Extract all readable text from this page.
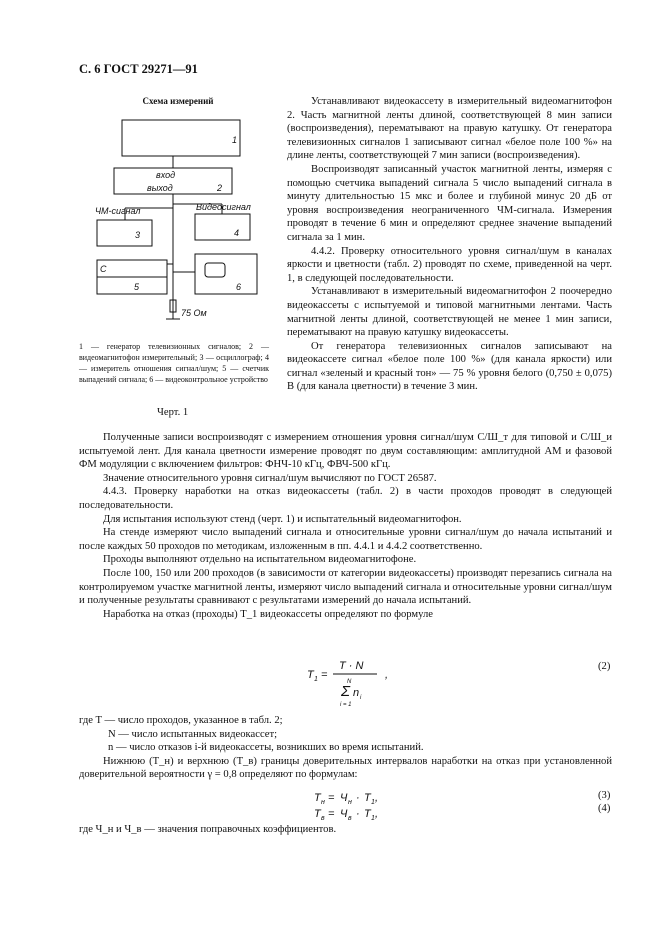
С. 6 ГОСТ 29271—91
Схема измерений
1
вход
выход	2
ЧМ-сигнал	Видеосигнал
3	4
С
5	6
75 Ом
1 — генератор телевизионных сигналов; 2 — видеомагнитофон измерительный; 3 — осциллограф; 4 — измеритель отношения сигнал/шум; 5 — счетчик выпадений сигнала; 6 — видеоконтрольное устройство
Черт. 1

Устанавливают видеокассету в измерительный видеомагнитофон 2. Часть магнитной ленты длиной, соответствующей 8 мин записи (воспроизведения), перематывают на правую катушку. От генератора телевизионных сигналов 1 записывают сигнал «белое поле 100 %» на длине ленты, соответствующей 7 мин записи (воспроизведения).

Воспроизводят записанный участок магнитной ленты, измеряя с помощью счетчика выпадений сигнала 5 число выпадений сигнала в минуту длительностью 15 мкс и более и глубиной минус 20 дБ от уровня воспроизведения неограниченного ЧМ-сигнала. Измерения проводят в течение 6 мин и определяют среднее значение выпадений сигнала за 1 мин.

4.4.2. Проверку относительного уровня сигнал/шум в каналах яркости и цветности (табл. 2) проводят по схеме, приведенной на черт. 1, в следующей последовательности.

Устанавливают в измерительный видеомагнитофон 2 поочередно видеокассеты с испытуемой и типовой магнитными лентами. Часть магнитной ленты длиной, соответствующей не менее 1 мин записи, перематывают на правую катушку видеокассеты.

От генератора телевизионных сигналов записывают на видеокассете сигнал «белое поле 100 %» (для канала яркости) или сигнал «зеленый и красный тон» — 75 % уровня белого (0,750 ± 0,075) В (для канала цветности) в течение 3 мин.

Полученные записи воспроизводят с измерением отношения уровня сигнал/шум С/Ш_т для типовой и С/Ш_и испытуемой лент. Для канала цветности измерение проводят по двум составляющим: амплитудной АМ и фазовой ФМ модуляции с включением фильтров: ФНЧ-10 кГц, ФВЧ-500 кГц.

Значение относительного уровня сигнал/шум вычисляют по ГОСТ 26587.

4.4.3. Проверку наработки на отказ видеокассеты (табл. 2) в части проходов проводят в следующей последовательности.

Для испытания используют стенд (черт. 1) и испытательный видеомагнитофон.

На стенде измеряют число выпадений сигнала и относительные уровни сигнал/шум до начала испытаний и после каждых 50 проходов по методикам, изложенным в пп. 4.4.1 и 4.4.2 соответственно.

Проходы выполняют отдельно на испытательном видеомагнитофоне.

После 100, 150 или 200 проходов (в зависимости от категории видеокассеты) производят перезапись сигнала на контролируемом участке магнитной ленты, измеряют число выпадений сигнала и относительные уровни сигнал/шум и полученные результаты сравнивают с результатами измерений до начала испытаний.

Наработка на отказ (проходы) T_1 видеокассеты определяют по формуле

T 1 =
T · N
N
Σ n i
i = 1
,
(2)

где T — число проходов, указанное в табл. 2;

N — число испытанных видеокассет;

n — число отказов i-й видеокассеты, возникших во время испытаний.

Нижнюю (T_н) и верхнюю (T_в) границы доверительных интервалов наработки на отказ при установленной доверительной вероятности γ = 0,8 определяют по формулам:

T н = Ч н · T 1 ,
T в = Ч в · T 1 ,
(3)
(4)

где Ч_н и Ч_в — значения поправочных коэффициентов.
